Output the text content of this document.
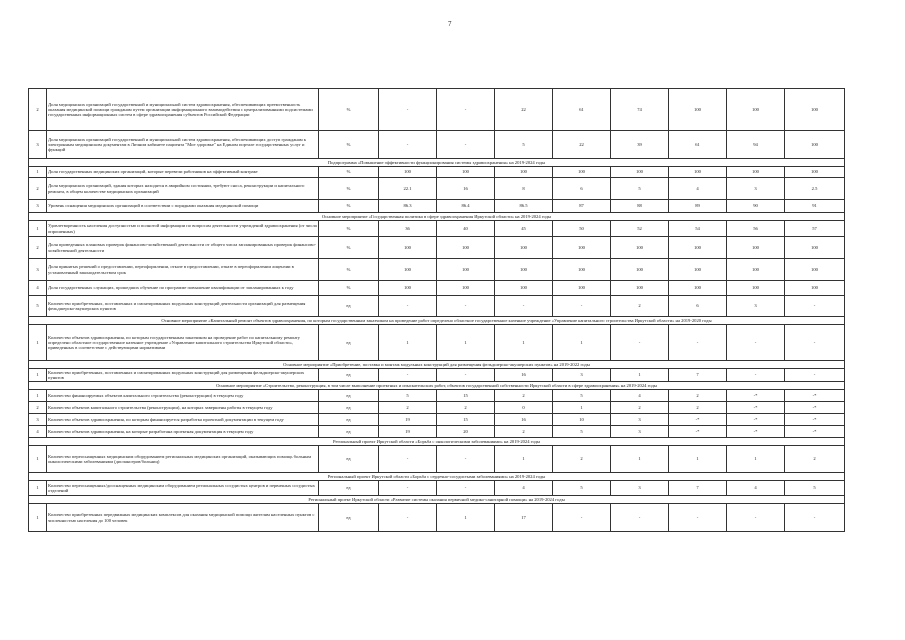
7
2	Доля медицинских организаций государственной и муниципальной систем здравоохранения, обеспечивающих преемственность оказания медицинской помощи гражданам путем организации информационного взаимодействия с централизованными подсистемами государственных информационных систем в сфере здравоохранения субъектов Российской Федерации	%	-	-	22	61	74	100	100	100
3	Доля медицинских организаций государственной и муниципальной систем здравоохранения, обеспечивающих доступ гражданам к электронным медицинским документам в Личном кабинете пациента "Мое здоровье" на Едином портале государственных услуг и функций	%	-	-	5	22	39	61	94	100
Подпрограмма «Повышение эффективности функционирования системы здравоохранения» на 2019-2024 годы										
1	Доля государственных медицинских организаций, которые перевели работников на эффективный контракт	%	100	100	100	100	100	100	100	100
2	Доля медицинских организаций, здания которых находятся в аварийном состоянии, требуют сноса, реконструкции и капитального ремонта, в общем количестве медицинских организаций	%	22.1	16	8	6	5	4	3	2.5
3	Уровень оснащения медицинских организаций в соответствии с порядками оказания медицинской помощи	%	86.3	86.4	86.5	87	88	89	90	91
Основное мероприятие «Государственная политика в сфере здравоохранения Иркутской области» на 2019-2024 годы										
1	Удовлетворенность населения доступностью и полнотой информации по вопросам деятельности учреждений здравоохранения (от числа опрошенных)	%	36	40	45	50	52	54	56	57
2	Доля проведенных плановых проверок финансово-хозяйственной деятельности от общего числа запланированных проверок финансово-хозяйственной деятельности	%	100	100	100	100	100	100	100	100
3	Доля принятых решений о предоставлении, переоформлении, отказе в предоставлении, отказе в переоформлении лицензии в установленный законодательством срок	%	100	100	100	100	100	100	100	100
4	Доля государственных служащих, прошедших обучение по программе повышение квалификации от запланированных к году	%	100	100	100	100	100	100	100	100
5	Количество приобретенных, поставленных и смонтированных модульных конструкций деятельности организаций для размещения фельдшерско-акушерских пунктов	ед	-	-	-	-	2	6	3	-
Основное мероприятие «Капитальный ремонт объектов здравоохранения, по которым государственным заказчиком на проведение работ определено областное государственное казенное учреждение «Управление капитального строительства Иркутской области» на 2019-2020 годы										
1	Количество объектов здравоохранения, по которым государственным заказчиком на проведение работ по капитальному ремонту определено областное государственное казенное учреждение «Управление капитального строительства Иркутской области», приведенных в соответствие с действующими нормативами	ед	1	1	1	1	-	-	-	-
Основное мероприятие «Приобретение, поставка и монтаж модульных конструкций для размещения фельдшерско-акушерских пунктов» на 2019-2022 годы										
1	Количество приобретенных, поставленных и смонтированных модульных конструкций для размещения фельдшерско-акушерских пунктов	ед	-	-	16	3	1	7	-	-
Основное мероприятие «Строительство, реконструкция, в том числе выполнение проектных и изыскательских работ, объектов государственной собственности Иркутской области в сфере здравоохранения» на 2019-2024 годы										
1	Количество финансируемых объектов капитального строительства (реконструкции) в текущем году	ед	5	15	2	5	4	2	-*	-*
2	Количество объектов капитального строительства (реконструкции), на которых завершены работы в текущем году	ед	2	2	0	1	2	2	-*	-*
3	Количество объектов здравоохранения, по которым финансируется разработка проектной документации в текущем году	ед	19	15	16	10	3	-*	-*	-*
4	Количество объектов здравоохранения, на которые разработана проектная документация в текущем году	ед	19	20	2	5	3	-*	-*	-*
Региональный проект Иркутской области «Борьба с онкологическими заболеваниями» на 2019-2024 годы										
1	Количество переоснащенных медицинским оборудованием региональных медицинских организаций, оказывающих помощь больным онкологическими заболеваниями (диспансеров/больниц)	ед	-	-	1	2	1	1	1	2
Региональный проект Иркутской области «Борьба с сердечно-сосудистыми заболеваниями» на 2019-2024 годы										
1	Количество переоснащенных/дооснащенных медицинским оборудованием региональных сосудистых центров и первичных сосудистых отделений	ед	-	-	4	5	3	7	4	5
Региональный проект Иркутской области «Развитие системы оказания первичной медико-санитарной помощи» на 2019-2024 годы										
1	Количество приобретенных передвижных медицинских комплексов для оказания медицинской помощи жителям населенных пунктов с численностью населения до 100 человек	ед	-	1	17	-	-	-	-	-
